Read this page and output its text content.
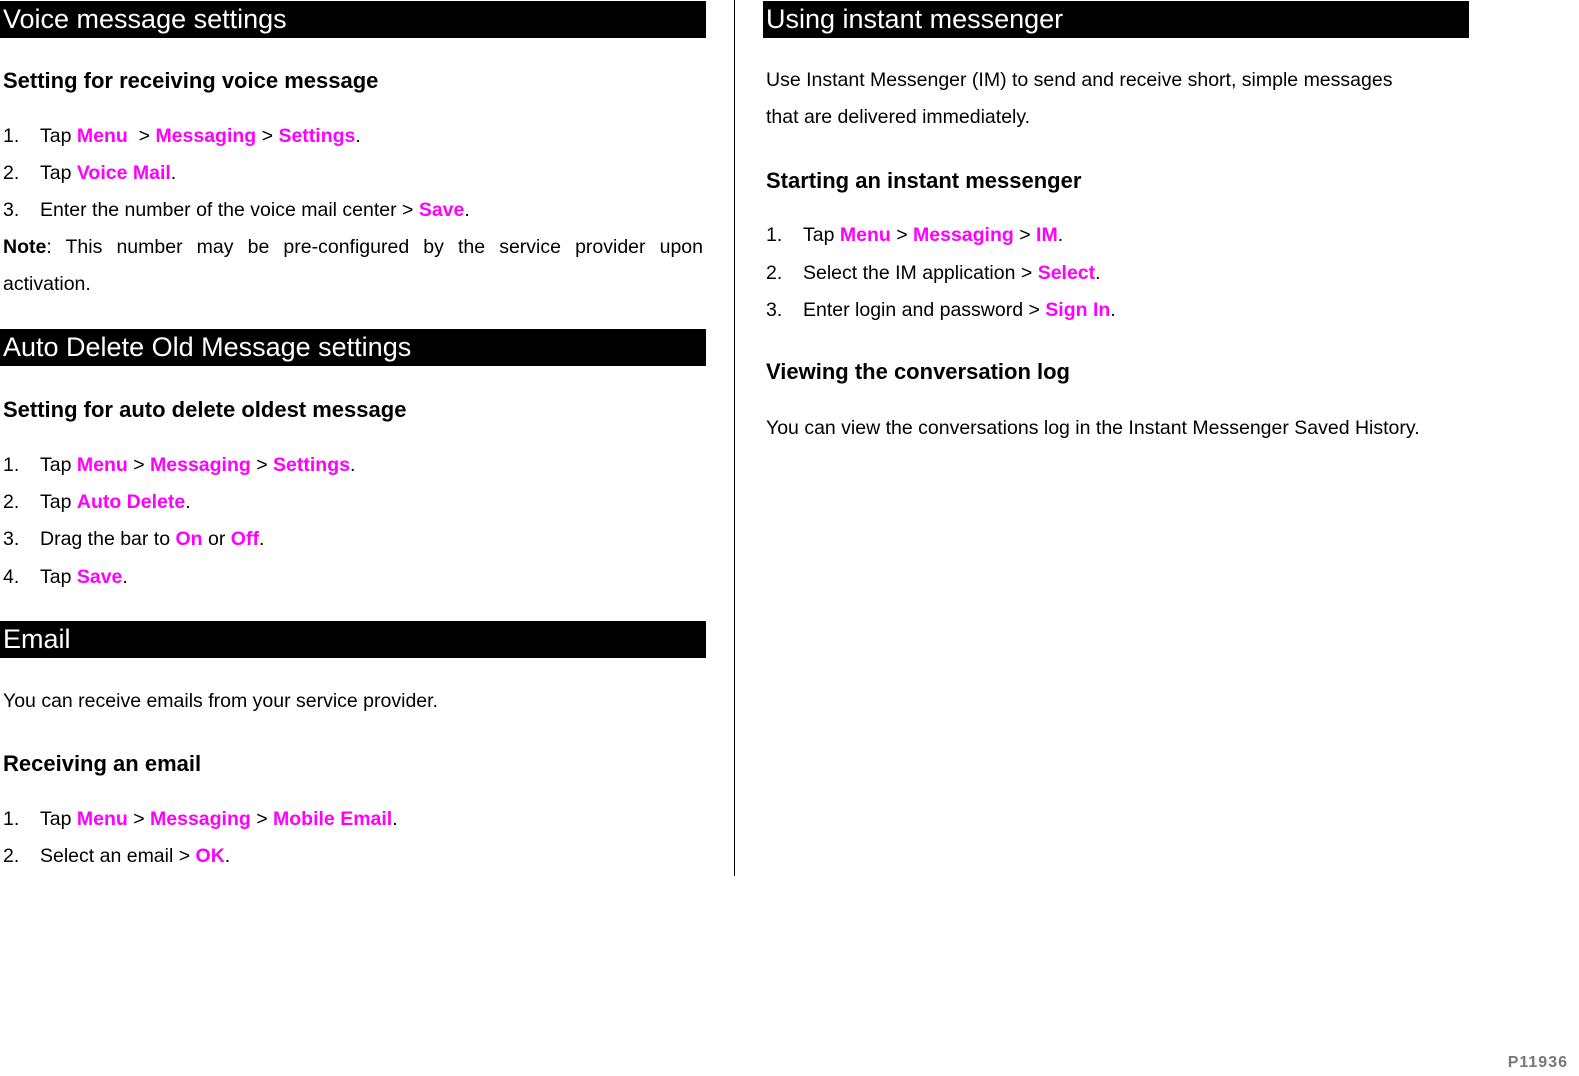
Voice message settings
Setting for receiving voice message
1. Tap Menu  > Messaging > Settings.
2. Tap Voice Mail.
3. Enter the number of the voice mail center > Save.
Note: This number may be pre-configured by the service provider upon activation.
Auto Delete Old Message settings
Setting for auto delete oldest message
1. Tap Menu > Messaging > Settings.
2. Tap Auto Delete.
3. Drag the bar to On or Off.
4. Tap Save.
Email
You can receive emails from your service provider.
Receiving an email
1. Tap Menu > Messaging > Mobile Email.
2. Select an email > OK.
Using instant messenger
Use Instant Messenger (IM) to send and receive short, simple messages
that are delivered immediately.
Starting an instant messenger
1. Tap Menu > Messaging > IM.
2. Select the IM application > Select.
3. Enter login and password > Sign In.
Viewing the conversation log
You can view the conversations log in the Instant Messenger Saved History.
P11936
